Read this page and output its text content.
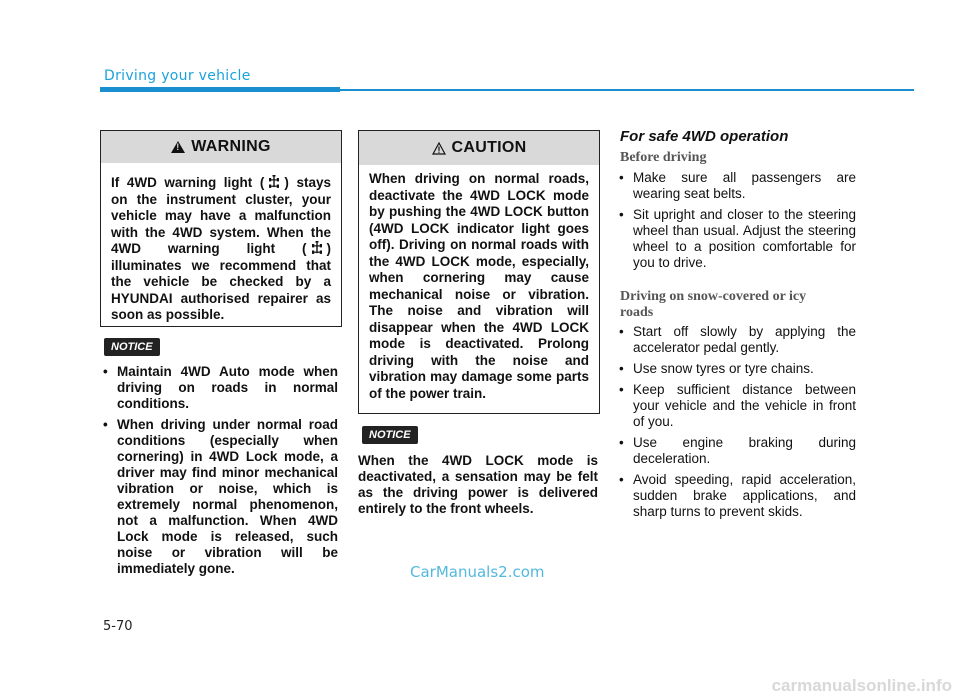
Driving your vehicle
!
WARNING
If 4WD warning light ( ) stays on the instrument cluster, your vehicle may have a malfunction with the 4WD system. When the 4WD warning light ( ) illuminates we recommend that the vehicle be checked by a HYUNDAI authorised repairer as soon as possible.
NOTICE
• Maintain 4WD Auto mode when driving on roads in normal conditions.
• When driving under normal road conditions (especially when cornering) in 4WD Lock mode, a driver may find minor mechanical vibration or noise, which is extremely normal phenomenon, not a malfunction. When 4WD Lock mode is released, such noise or vibration will be immediately gone.
CAUTION
When driving on normal roads, deactivate the 4WD LOCK mode by pushing the 4WD LOCK button (4WD LOCK indicator light goes off). Driving on normal roads with the 4WD LOCK mode, especially, when cornering may cause mechanical noise or vibration. The noise and vibration will disappear when the 4WD LOCK mode is deactivated. Prolong driving with the noise and vibration may damage some parts of the power train.
NOTICE

When the 4WD LOCK mode is deactivated, a sensation may be felt as the driving power is delivered entirely to the front wheels.

For safe 4WD operation
Before driving
• Make sure all passengers are wearing seat belts.
• Sit upright and closer to the steering wheel than usual. Adjust the steering wheel to a position comfortable for you to drive.
Driving on snow-covered or icy
roads
• Start off slowly by applying the accelerator pedal gently.
• Use snow tyres or tyre chains.
• Keep sufficient distance between your vehicle and the vehicle in front of you.
• Use engine braking during deceleration.
• Avoid speeding, rapid acceleration, sudden brake applications, and sharp turns to prevent skids.
CarManuals2.com
5-70
carmanualsonline.info
